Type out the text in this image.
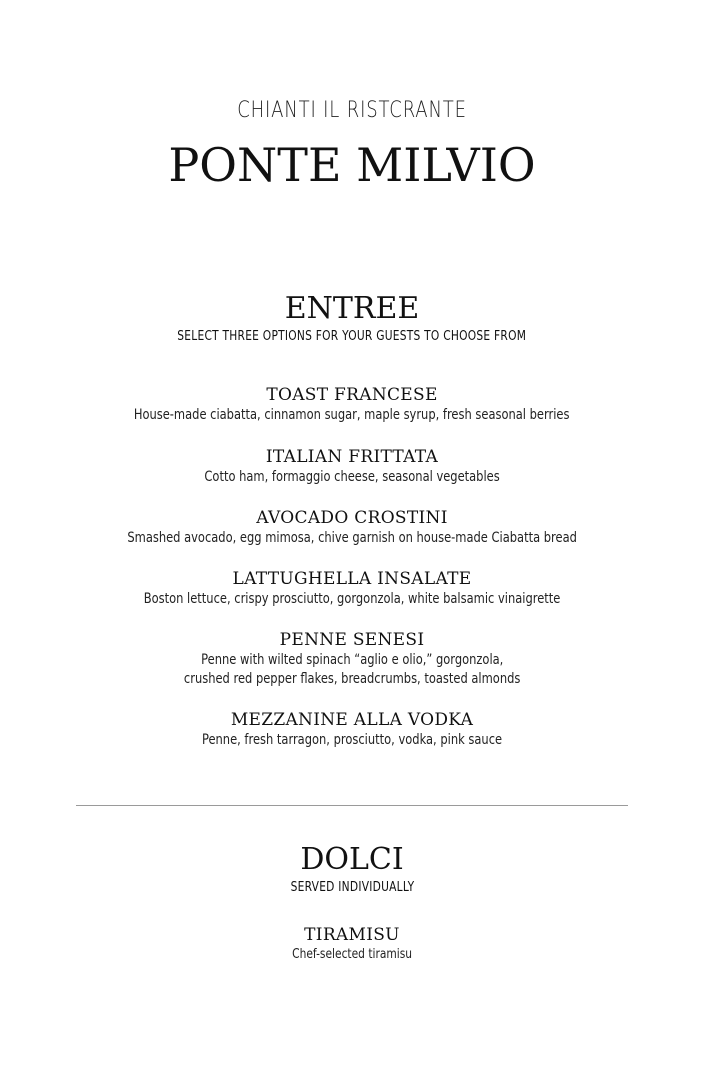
CHIANTI IL RISTCRANTE
PONTE MILVIO
ENTREE
SELECT THREE OPTIONS FOR YOUR GUESTS TO CHOOSE FROM
TOAST FRANCESE
House-made ciabatta, cinnamon sugar, maple syrup, fresh seasonal berries
ITALIAN FRITTATA
Cotto ham, formaggio cheese, seasonal vegetables
AVOCADO CROSTINI
Smashed avocado, egg mimosa, chive garnish on house-made Ciabatta bread
LATTUGHELLA INSALATE
Boston lettuce, crispy prosciutto, gorgonzola, white balsamic vinaigrette
PENNE SENESI
Penne with wilted spinach “aglio e olio,” gorgonzola,
crushed red pepper flakes, breadcrumbs, toasted almonds
MEZZANINE ALLA VODKA
Penne, fresh tarragon, prosciutto, vodka, pink sauce
DOLCI
SERVED INDIVIDUALLY
TIRAMISU
Chef-selected tiramisu
